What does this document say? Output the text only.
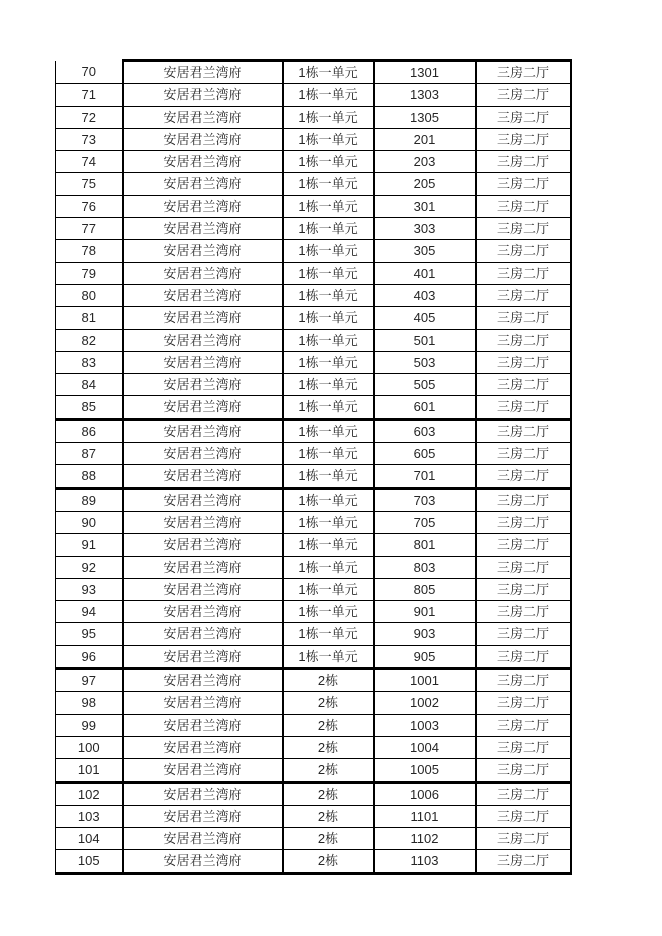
70	安居君兰湾府	1栋一单元	1301	三房二厅
71	安居君兰湾府	1栋一单元	1303	三房二厅
72	安居君兰湾府	1栋一单元	1305	三房二厅
73	安居君兰湾府	1栋一单元	201	三房二厅
74	安居君兰湾府	1栋一单元	203	三房二厅
75	安居君兰湾府	1栋一单元	205	三房二厅
76	安居君兰湾府	1栋一单元	301	三房二厅
77	安居君兰湾府	1栋一单元	303	三房二厅
78	安居君兰湾府	1栋一单元	305	三房二厅
79	安居君兰湾府	1栋一单元	401	三房二厅
80	安居君兰湾府	1栋一单元	403	三房二厅
81	安居君兰湾府	1栋一单元	405	三房二厅
82	安居君兰湾府	1栋一单元	501	三房二厅
83	安居君兰湾府	1栋一单元	503	三房二厅
84	安居君兰湾府	1栋一单元	505	三房二厅
85	安居君兰湾府	1栋一单元	601	三房二厅
86	安居君兰湾府	1栋一单元	603	三房二厅
87	安居君兰湾府	1栋一单元	605	三房二厅
88	安居君兰湾府	1栋一单元	701	三房二厅
89	安居君兰湾府	1栋一单元	703	三房二厅
90	安居君兰湾府	1栋一单元	705	三房二厅
91	安居君兰湾府	1栋一单元	801	三房二厅
92	安居君兰湾府	1栋一单元	803	三房二厅
93	安居君兰湾府	1栋一单元	805	三房二厅
94	安居君兰湾府	1栋一单元	901	三房二厅
95	安居君兰湾府	1栋一单元	903	三房二厅
96	安居君兰湾府	1栋一单元	905	三房二厅
97	安居君兰湾府	2栋	1001	三房二厅
98	安居君兰湾府	2栋	1002	三房二厅
99	安居君兰湾府	2栋	1003	三房二厅
100	安居君兰湾府	2栋	1004	三房二厅
101	安居君兰湾府	2栋	1005	三房二厅
102	安居君兰湾府	2栋	1006	三房二厅
103	安居君兰湾府	2栋	1101	三房二厅
104	安居君兰湾府	2栋	1102	三房二厅
105	安居君兰湾府	2栋	1103	三房二厅
